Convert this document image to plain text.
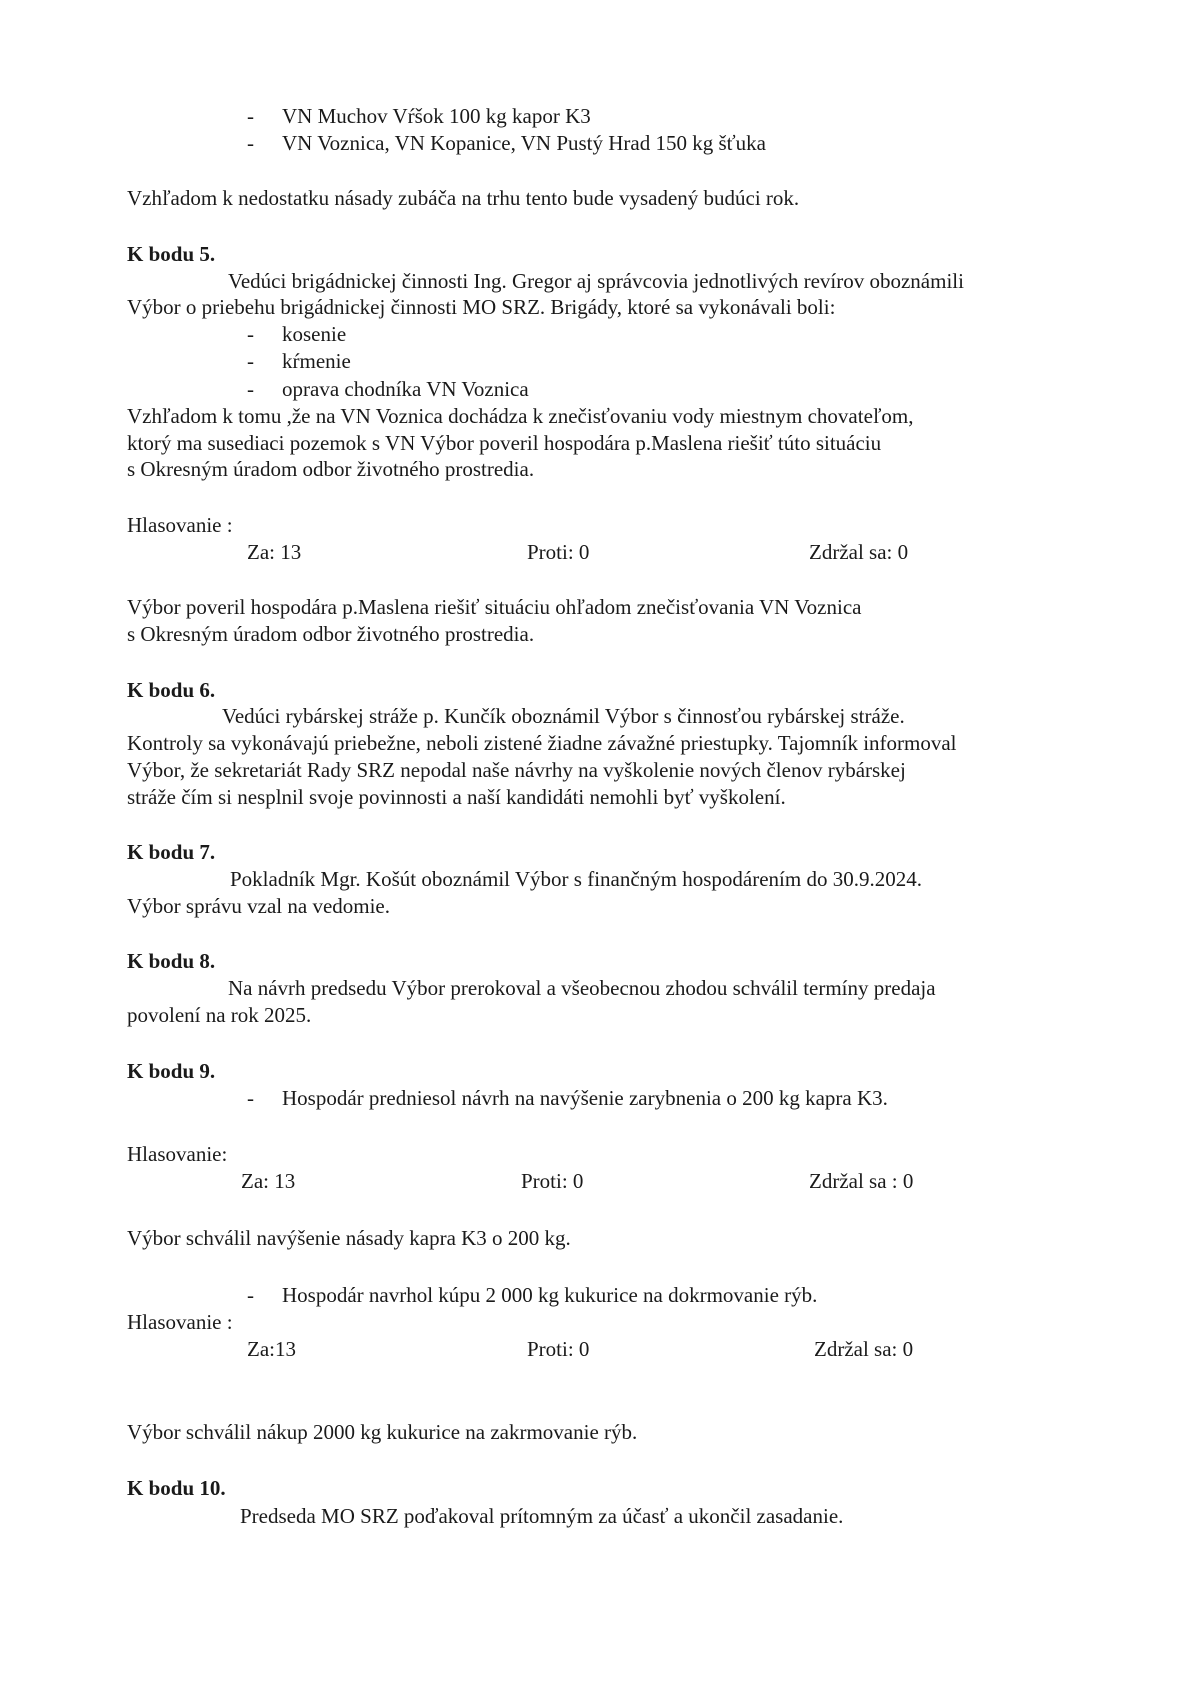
- VN Muchov Vŕšok 100 kg kapor K3

- VN Voznica, VN Kopanice, VN Pustý Hrad 150 kg šťuka

Vzhľadom k nedostatku násady zubáča na trhu tento bude vysadený budúci rok.

K bodu 5.

Vedúci brigádnickej činnosti Ing. Gregor aj správcovia jednotlivých revírov oboznámili

Výbor o priebehu brigádnickej činnosti MO SRZ. Brigády, ktoré sa vykonávali boli:

- kosenie

- kŕmenie

- oprava chodníka VN Voznica

Vzhľadom k tomu ,že na VN Voznica dochádza k znečisťovaniu vody miestnym chovateľom,

ktorý ma susediaci pozemok s VN Výbor poveril hospodára p.Maslena riešiť túto situáciu

s Okresným úradom odbor životného prostredia.

Hlasovanie :

Za: 13	Proti: 0	Zdržal sa: 0

Výbor poveril hospodára p.Maslena riešiť situáciu ohľadom znečisťovania VN Voznica

s Okresným úradom odbor životného prostredia.

K bodu 6.

Vedúci rybárskej stráže p. Kunčík oboznámil Výbor s činnosťou rybárskej stráže.

Kontroly sa vykonávajú priebežne, neboli zistené žiadne závažné priestupky. Tajomník informoval

Výbor, že sekretariát Rady SRZ nepodal naše návrhy na vyškolenie nových členov rybárskej

stráže čím si nesplnil svoje povinnosti a naší kandidáti nemohli byť vyškolení.

K bodu 7.

Pokladník Mgr. Košút oboznámil Výbor s finančným hospodárením do 30.9.2024.

Výbor správu vzal na vedomie.

K bodu 8.

Na návrh predsedu Výbor prerokoval a všeobecnou zhodou schválil termíny predaja

povolení na rok 2025.

K bodu 9.

- Hospodár predniesol návrh na navýšenie zarybnenia o 200 kg kapra K3.

Hlasovanie:

Za: 13	Proti: 0	Zdržal sa : 0

Výbor schválil navýšenie násady kapra K3 o 200 kg.

- Hospodár navrhol kúpu 2 000 kg kukurice na dokrmovanie rýb.

Hlasovanie :

Za:13	Proti: 0	Zdržal sa: 0

Výbor schválil nákup 2000 kg kukurice na zakrmovanie rýb.

K bodu 10.

Predseda MO SRZ poďakoval prítomným za účasť a ukončil zasadanie.
